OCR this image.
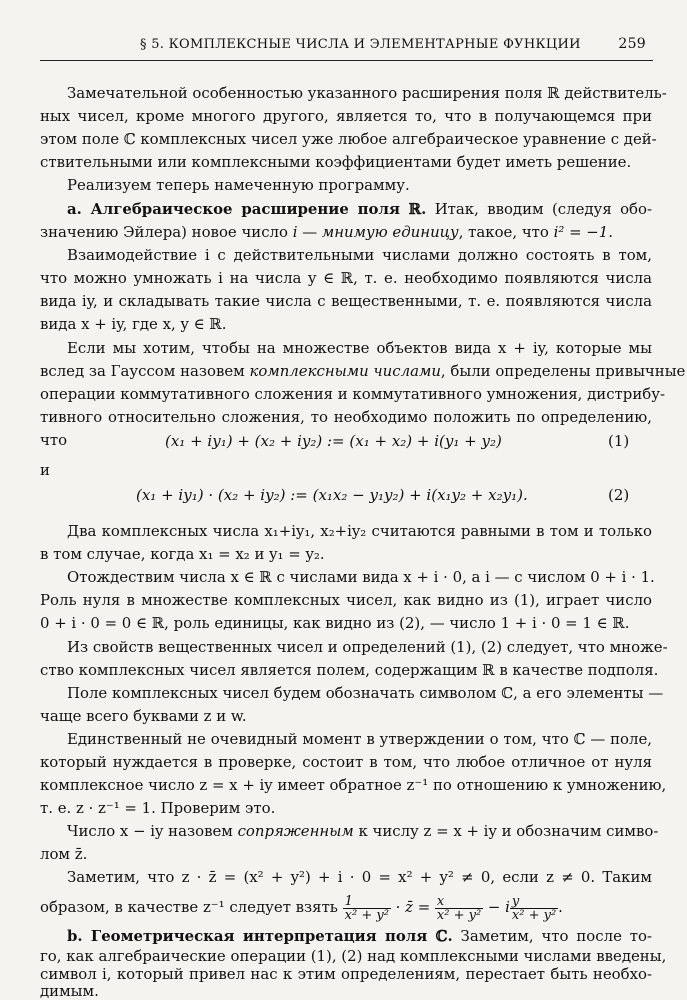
§ 5. КОМПЛЕКСНЫЕ ЧИСЛА И ЭЛЕМЕНТАРНЫЕ ФУНКЦИИ	259
Замечательной особенностью указанного расширения поля ℝ действитель-
ных чисел, кроме многого другого, является то, что в получающемся при
этом поле ℂ комплексных чисел уже любое алгебраическое уравнение с дей-
ствительными или комплексными коэффициентами будет иметь решение.
Реализуем теперь намеченную программу.
a. Алгебраическое расширение поля ℝ. Итак, вводим (следуя обо-
значению Эйлера) новое число i — мнимую единицу, такое, что i² = −1.
Взаимодействие i с действительными числами должно состоять в том,
что можно умножать i на числа y ∈ ℝ, т. е. необходимо появляются числа
вида iy, и складывать такие числа с вещественными, т. е. появляются числа
вида x + iy, где x, y ∈ ℝ.
Если мы хотим, чтобы на множестве объектов вида x + iy, которые мы
вслед за Гауссом назовем комплексными числами, были определены привычные
операции коммутативного сложения и коммутативного умножения, дистрибу-
тивного относительно сложения, то необходимо положить по определению,
что	(x₁ + iy₁) + (x₂ + iy₂) := (x₁ + x₂) + i(y₁ + y₂)	(1)
и
(x₁ + iy₁) · (x₂ + iy₂) := (x₁x₂ − y₁y₂) + i(x₁y₂ + x₂y₁).	(2)
Два комплексных числа x₁+iy₁, x₂+iy₂ считаются равными в том и только
в том случае, когда x₁ = x₂ и y₁ = y₂.
Отождествим числа x ∈ ℝ с числами вида x + i · 0, а i — с числом 0 + i · 1.
Роль нуля в множестве комплексных чисел, как видно из (1), играет число
0 + i · 0 = 0 ∈ ℝ, роль единицы, как видно из (2), — число 1 + i · 0 = 1 ∈ ℝ.
Из свойств вещественных чисел и определений (1), (2) следует, что множе-
ство комплексных чисел является полем, содержащим ℝ в качестве подполя.
Поле комплексных чисел будем обозначать символом ℂ, а его элементы —
чаще всего буквами z и w.
Единственный не очевидный момент в утверждении о том, что ℂ — поле,
который нуждается в проверке, состоит в том, что любое отличное от нуля
комплексное число z = x + iy имеет обратное z⁻¹ по отношению к умножению,
т. е. z · z⁻¹ = 1. Проверим это.
Число x − iy назовем сопряженным к числу z = x + iy и обозначим симво-
лом z̄.
Заметим, что z · z̄ = (x² + y²) + i · 0 = x² + y² ≠ 0, если z ≠ 0. Таким
образом, в качестве z⁻¹ следует взять $\frac{1}{\text{x² + y²}}$ · z̄ = $\frac{x}{\text{x² + y²}} - i \frac{y}{\text{x² + y²}}$ .
b. Геометрическая интерпретация поля ℂ. Заметим, что после то-
го, как алгебраические операции (1), (2) над комплексными числами введены,
символ i, который привел нас к этим определениям, перестает быть необхо-
димым.
